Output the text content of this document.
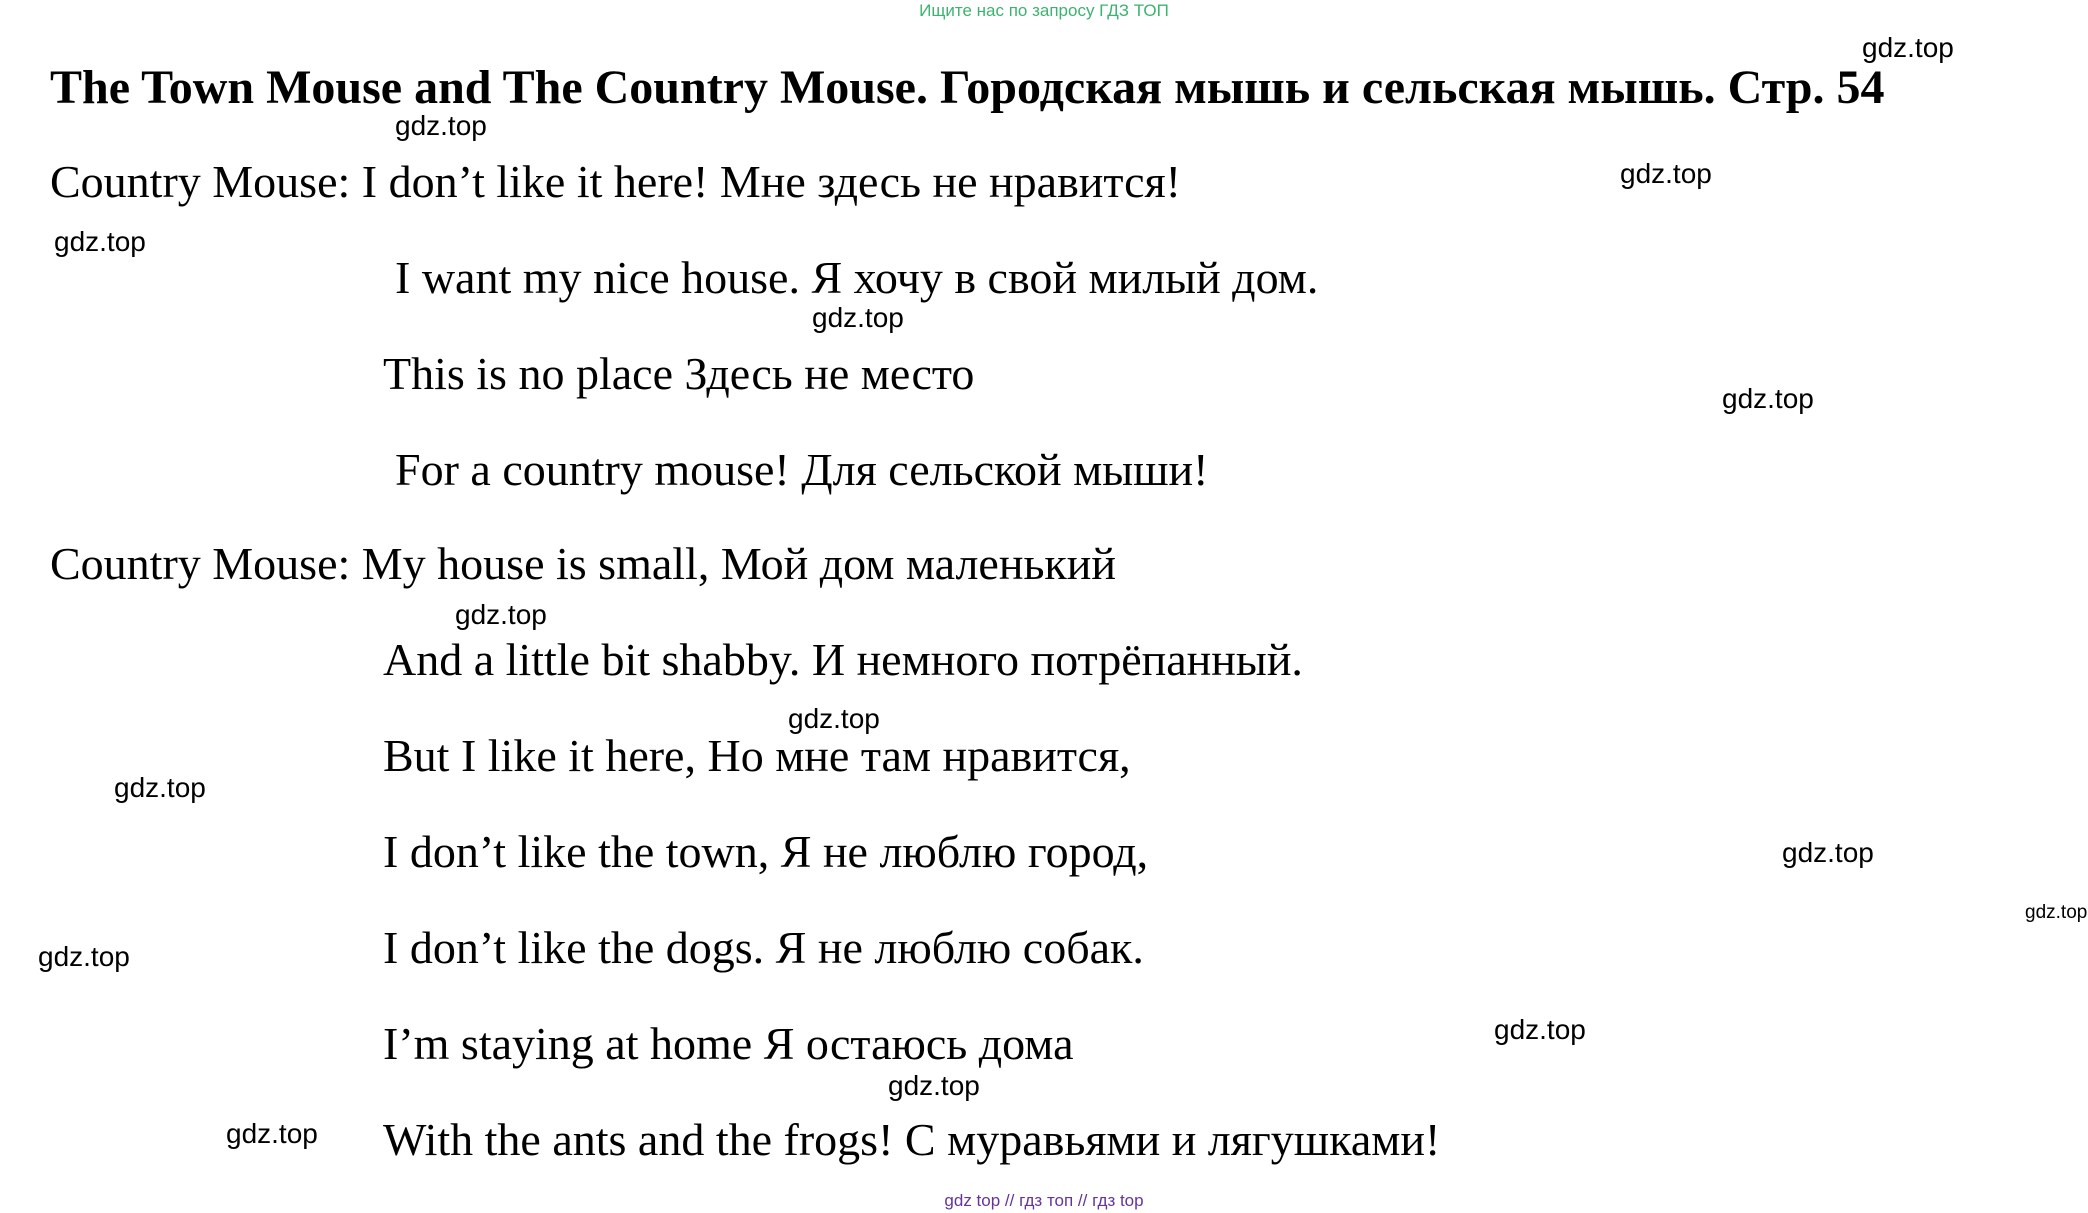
Ищите нас по запросу ГДЗ ТОП
The Town Mouse and The Country Mouse. Городская мышь и сельская мышь. Стр. 54
Country Mouse: I don’t like it here! Мне здесь не нравится!
I want my nice house. Я хочу в свой милый дом.
This is no place Здесь не место
For a country mouse! Для сельской мыши!
Country Mouse: My house is small, Мой дом маленький
And a little bit shabby. И немного потрёпанный.
But I like it here, Но мне там нравится,
I don’t like the town, Я не люблю город,
I don’t like the dogs. Я не люблю собак.
I’m staying at home Я остаюсь дома
With the ants and the frogs! С муравьями и лягушками!
gdz.top
gdz.top
gdz.top
gdz.top
gdz.top
gdz.top
gdz.top
gdz.top
gdz.top
gdz.top
gdz.top
gdz.top
gdz.top
gdz.top
gdz.top
gdz top // гдз топ // гдз top
